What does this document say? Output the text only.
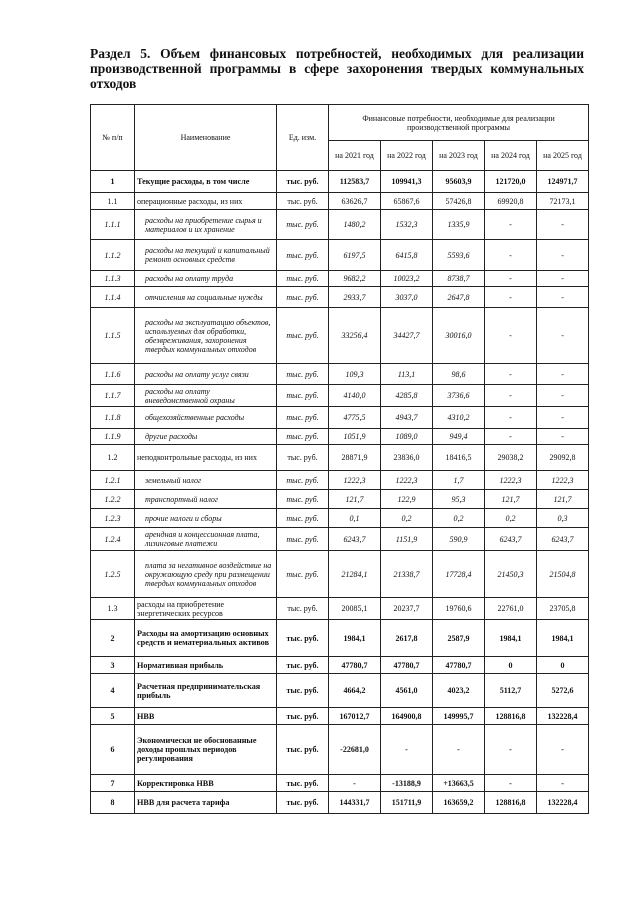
Раздел 5. Объем финансовых потребностей, необходимых для реализации производственной программы в сфере захоронения твердых коммунальных отходов
№ п/п	Наименование	Ед. изм.	Финансовые потребности, необходимые для реализации производственной программы				
			на 2021 год	на 2022 год	на 2023 год	на 2024 год	на 2025 год
1	Текущие расходы, в том числе	тыс. руб.	112583,7	109941,3	95603,9	121720,0	124971,7
1.1	операционные расходы, из них	тыс. руб.	63626,7	65867,6	57426,8	69920,8	72173,1
1.1.1	расходы на приобретение сырья и материалов и их хранение	тыс. руб.	1480,2	1532,3	1335,9	-	-
1.1.2	расходы на текущий и капитальный ремонт основных средств	тыс. руб.	6197,5	6415,8	5593,6	-	-
1.1.3	расходы на оплату труда	тыс. руб.	9682,2	10023,2	8738,7	-	-
1.1.4	отчисления на социальные нужды	тыс. руб.	2933,7	3037,0	2647,8	-	-
1.1.5	расходы на эксплуатацию объектов, используемых для обработки, обезвреживания, захоронения твердых коммунальных отходов	тыс. руб.	33256,4	34427,7	30016,0	-	-
1.1.6	расходы на оплату услуг связи	тыс. руб.	109,3	113,1	98,6	-	-
1.1.7	расходы на оплату вневедомственной охраны	тыс. руб.	4140,0	4285,8	3736,6	-	-
1.1.8	общехозяйственные расходы	тыс. руб.	4775,5	4943,7	4310,2	-	-
1.1.9	другие расходы	тыс. руб.	1051,9	1089,0	949,4	-	-
1.2	неподконтрольные расходы, из них	тыс. руб.	28871,9	23836,0	18416,5	29038,2	29092,8
1.2.1	земельный налог	тыс. руб.	1222,3	1222,3	1,7	1222,3	1222,3
1.2.2	транспортный налог	тыс. руб.	121,7	122,9	95,3	121,7	121,7
1.2.3	прочие налоги и сборы	тыс. руб.	0,1	0,2	0,2	0,2	0,3
1.2.4	арендная и концессионная плата, лизинговые платежи	тыс. руб.	6243,7	1151,9	590,9	6243,7	6243,7
1.2.5	плата за негативное воздействие на окружающую среду при размещении твердых коммунальных отходов	тыс. руб.	21284,1	21338,7	17728,4	21450,3	21504,8
1.3	расходы на приобретение энергетических ресурсов	тыс. руб.	20085,1	20237,7	19760,6	22761,0	23705,8
2	Расходы на амортизацию основных средств и нематериальных активов	тыс. руб.	1984,1	2617,8	2587,9	1984,1	1984,1
3	Нормативная прибыль	тыс. руб.	47780,7	47780,7	47780,7	0	0
4	Расчетная предпринимательская прибыль	тыс. руб.	4664,2	4561,0	4023,2	5112,7	5272,6
5	НВВ	тыс. руб.	167012,7	164900,8	149995,7	128816,8	132228,4
6	Экономически не обоснованные доходы прошлых периодов регулирования	тыс. руб.	-22681,0	-	-	-	-
7	Корректировка НВВ	тыс. руб.	-	-13188,9	+13663,5	-	-
8	НВВ для расчета тарифа	тыс. руб.	144331,7	151711,9	163659,2	128816,8	132228,4
